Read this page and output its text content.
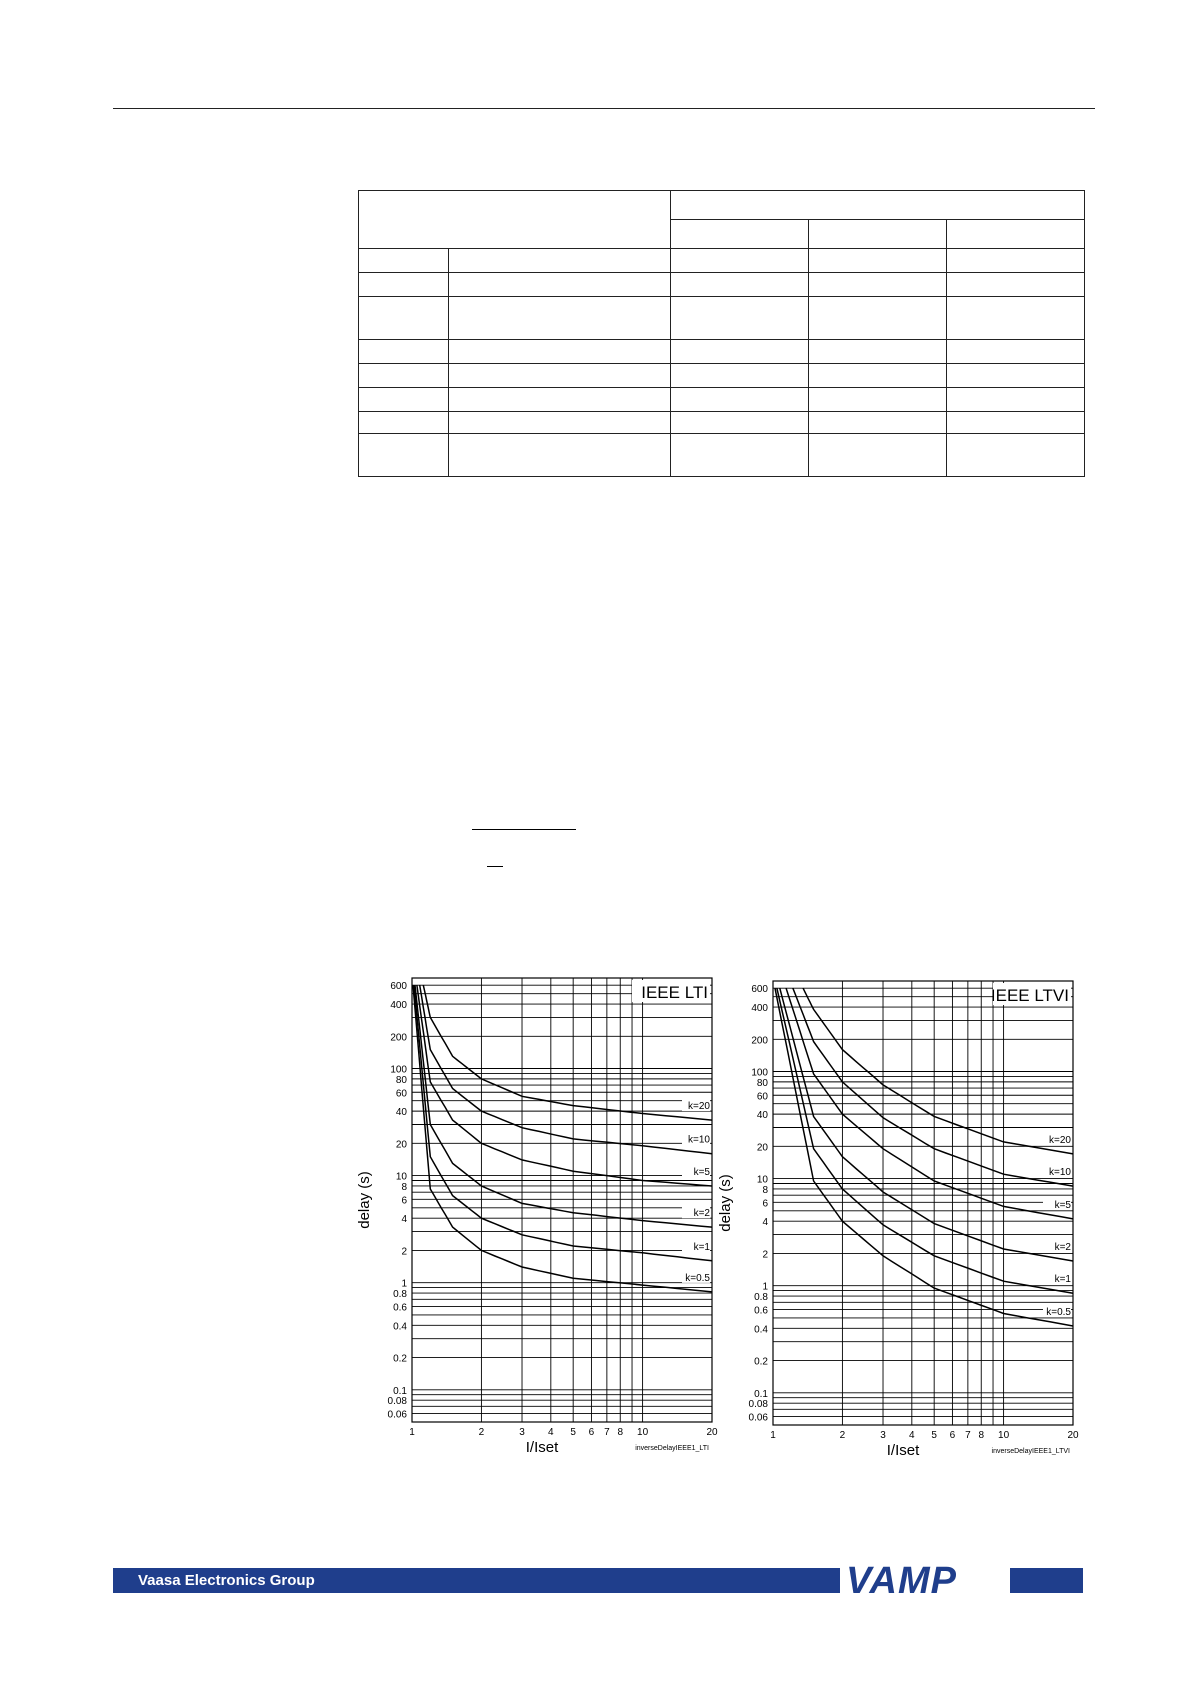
IEEE LTI
600
400
200
100
80
60
40
20
10
8
6
4
2
1
0.8
0.6
0.4
0.2
0.1
0.08
0.06
1	2	3 4 5 6 7 8 10	20
delay (s)
I/Iset	inverseDelayIEEE1_LTI
k=20
k=10
k=5
k=2
k=1
k=0.5
IEEE LTVI
600
400
200
100
80
60
40
20
10
8
6
4
2
1
0.8
0.6
0.4
0.2
0.1
0.08
0.06
1	2	3 4 5 6 7 8 10	20
delay (s)
I/Iset	inverseDelayIEEE1_LTVI
k=20
k=10
k=5
k=2
k=1
k=0.5
Vaasa Electronics Group	VAMP
